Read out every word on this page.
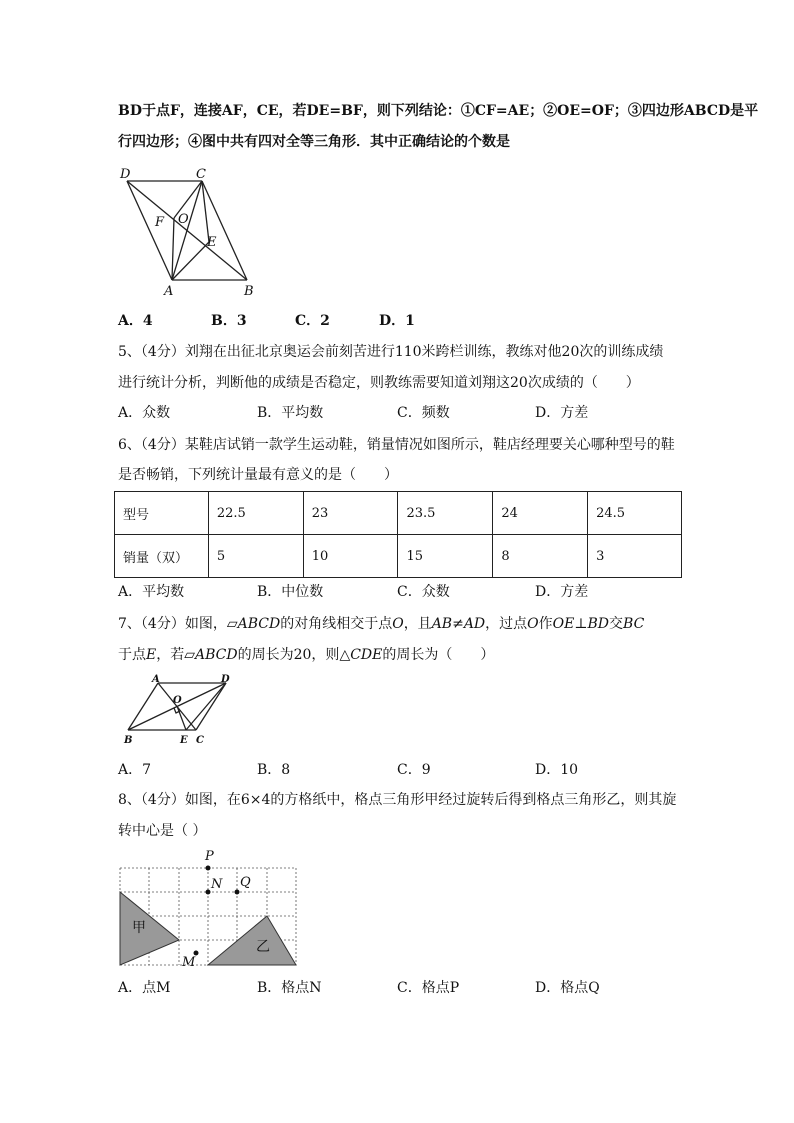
BD于点F，连接AF，CE，若DE=BF，则下列结论：①CF=AE；②OE=OF；③四边形ABCD是平
行四边形；④图中共有四对全等三角形．其中正确结论的个数是
D	C
O
F
E
A	B
A．4	B．3	C．2	D．1
5、（4分）刘翔在出征北京奥运会前刻苦进行110米跨栏训练，教练对他20次的训练成绩
进行统计分析，判断他的成绩是否稳定，则教练需要知道刘翔这20次成绩的（　　）
A．众数	B．平均数	C．频数	D．方差
6、（4分）某鞋店试销一款学生运动鞋，销量情况如图所示，鞋店经理要关心哪种型号的鞋
是否畅销，下列统计量最有意义的是（　　）
型号	22.5	23	23.5	24	24.5
销量（双）	5	10	15	8	3
A．平均数	B．中位数	C．众数	D．方差
7、（4分）如图，▱ABCD的对角线相交于点O，且AB≠AD，过点O作OE⊥BD交BC
于点E，若▱ABCD的周长为20，则△CDE的周长为（　　）
A	D
O
B	E C
A．7	B．8	C．9	D．10
8、（4分）如图，在6×4的方格纸中，格点三角形甲经过旋转后得到格点三角形乙，则其旋
转中心是（ ）
P
N Q
M
甲
乙
A．点M	B．格点N	C．格点P	D．格点Q
